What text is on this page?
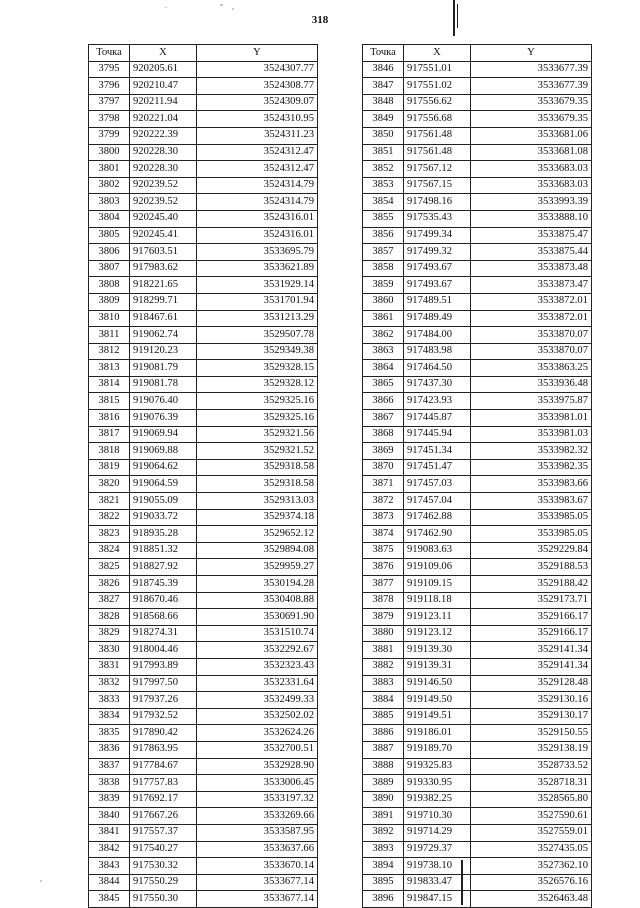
318
Точка	X	Y
3795	920205.61	3524307.77
3796	920210.47	3524308.77
3797	920211.94	3524309.07
3798	920221.04	3524310.95
3799	920222.39	3524311.23
3800	920228.30	3524312.47
3801	920228.30	3524312.47
3802	920239.52	3524314.79
3803	920239.52	3524314.79
3804	920245.40	3524316.01
3805	920245.41	3524316.01
3806	917603.51	3533695.79
3807	917983.62	3533621.89
3808	918221.65	3531929.14
3809	918299.71	3531701.94
3810	918467.61	3531213.29
3811	919062.74	3529507.78
3812	919120.23	3529349.38
3813	919081.79	3529328.15
3814	919081.78	3529328.12
3815	919076.40	3529325.16
3816	919076.39	3529325.16
3817	919069.94	3529321.56
3818	919069.88	3529321.52
3819	919064.62	3529318.58
3820	919064.59	3529318.58
3821	919055.09	3529313.03
3822	919033.72	3529374.18
3823	918935.28	3529652.12
3824	918851.32	3529894.08
3825	918827.92	3529959.27
3826	918745.39	3530194.28
3827	918670.46	3530408.88
3828	918568.66	3530691.90
3829	918274.31	3531510.74
3830	918004.46	3532292.67
3831	917993.89	3532323.43
3832	917997.50	3532331.64
3833	917937.26	3532499.33
3834	917932.52	3532502.02
3835	917890.42	3532624.26
3836	917863.95	3532700.51
3837	917784.67	3532928.90
3838	917757.83	3533006.45
3839	917692.17	3533197.32
3840	917667.26	3533269.66
3841	917557.37	3533587.95
3842	917540.27	3533637.66
3843	917530.32	3533670.14
3844	917550.29	3533677.14
3845	917550.30	3533677.14
Точка	X	Y
3846	917551.01	3533677.39
3847	917551.02	3533677.39
3848	917556.62	3533679.35
3849	917556.68	3533679.35
3850	917561.48	3533681.06
3851	917561.48	3533681.08
3852	917567.12	3533683.03
3853	917567.15	3533683.03
3854	917498.16	3533993.39
3855	917535.43	3533888.10
3856	917499.34	3533875.47
3857	917499.32	3533875.44
3858	917493.67	3533873.48
3859	917493.67	3533873.47
3860	917489.51	3533872.01
3861	917489.49	3533872.01
3862	917484.00	3533870.07
3863	917483.98	3533870.07
3864	917464.50	3533863.25
3865	917437.30	3533936.48
3866	917423.93	3533975.87
3867	917445.87	3533981.01
3868	917445.94	3533981.03
3869	917451.34	3533982.32
3870	917451.47	3533982.35
3871	917457.03	3533983.66
3872	917457.04	3533983.67
3873	917462.88	3533985.05
3874	917462.90	3533985.05
3875	919083.63	3529229.84
3876	919109.06	3529188.53
3877	919109.15	3529188.42
3878	919118.18	3529173.71
3879	919123.11	3529166.17
3880	919123.12	3529166.17
3881	919139.30	3529141.34
3882	919139.31	3529141.34
3883	919146.50	3529128.48
3884	919149.50	3529130.16
3885	919149.51	3529130.17
3886	919186.01	3529150.55
3887	919189.70	3529138.19
3888	919325.83	3528733.52
3889	919330.95	3528718.31
3890	919382.25	3528565.80
3891	919710.30	3527590.61
3892	919714.29	3527559.01
3893	919729.37	3527435.05
3894	919738.10	3527362.10
3895	919833.47	3526576.16
3896	919847.15	3526463.48
